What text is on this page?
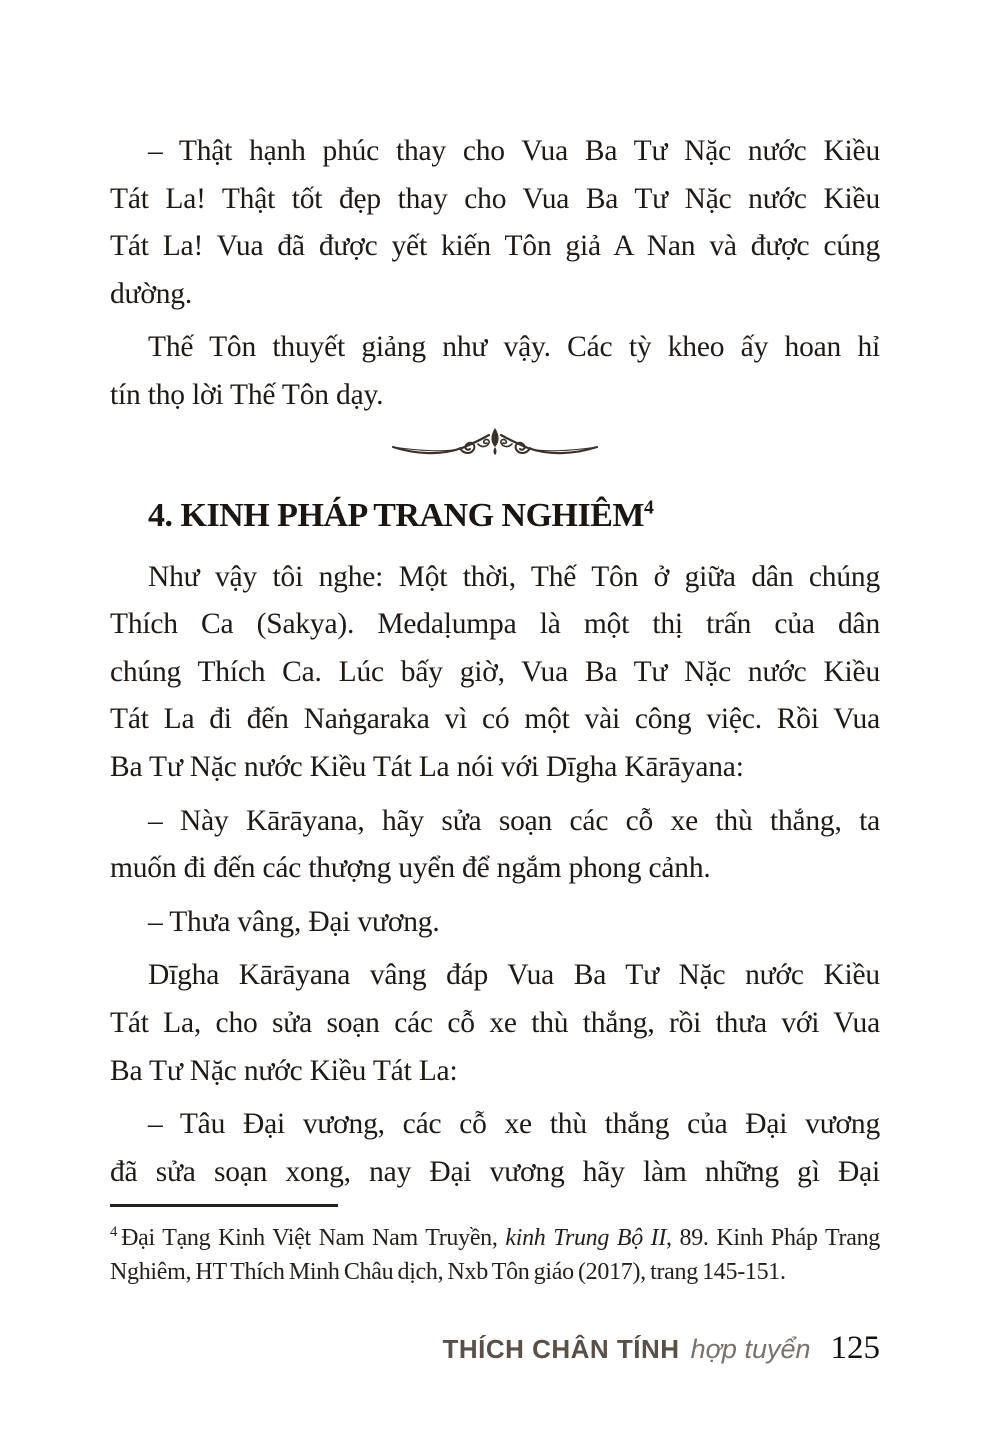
– Thật hạnh phúc thay cho Vua Ba Tư Nặc nước Kiều
Tát La! Thật tốt đẹp thay cho Vua Ba Tư Nặc nước Kiều
Tát La! Vua đã được yết kiến Tôn giả A Nan và được cúng
dường.
Thế Tôn thuyết giảng như vậy. Các tỳ kheo ấy hoan hỉ
tín thọ lời Thế Tôn dạy.
4. KINH PHÁP TRANG NGHIÊM$^4$
Như vậy tôi nghe: Một thời, Thế Tôn ở giữa dân chúng
Thích Ca (Sakya). Medaḷumpa là một thị trấn của dân
chúng Thích Ca. Lúc bấy giờ, Vua Ba Tư Nặc nước Kiều
Tát La đi đến Naṅgaraka vì có một vài công việc. Rồi Vua
Ba Tư Nặc nước Kiều Tát La nói với Dīgha Kārāyana:
– Này Kārāyana, hãy sửa soạn các cỗ xe thù thắng, ta
muốn đi đến các thượng uyển để ngắm phong cảnh.
– Thưa vâng, Đại vương.
Dīgha Kārāyana vâng đáp Vua Ba Tư Nặc nước Kiều
Tát La, cho sửa soạn các cỗ xe thù thắng, rồi thưa với Vua
Ba Tư Nặc nước Kiều Tát La:
– Tâu Đại vương, các cỗ xe thù thắng của Đại vương
đã sửa soạn xong, nay Đại vương hãy làm những gì Đại
$^4$ Đại Tạng Kinh Việt Nam Nam Truyền, kinh Trung Bộ II, 89. Kinh Pháp Trang Nghiêm, HT Thích Minh Châu dịch, Nxb Tôn giáo (2017), trang 145-151.
THÍCH CHÂN TÍNH hợp tuyển 125
